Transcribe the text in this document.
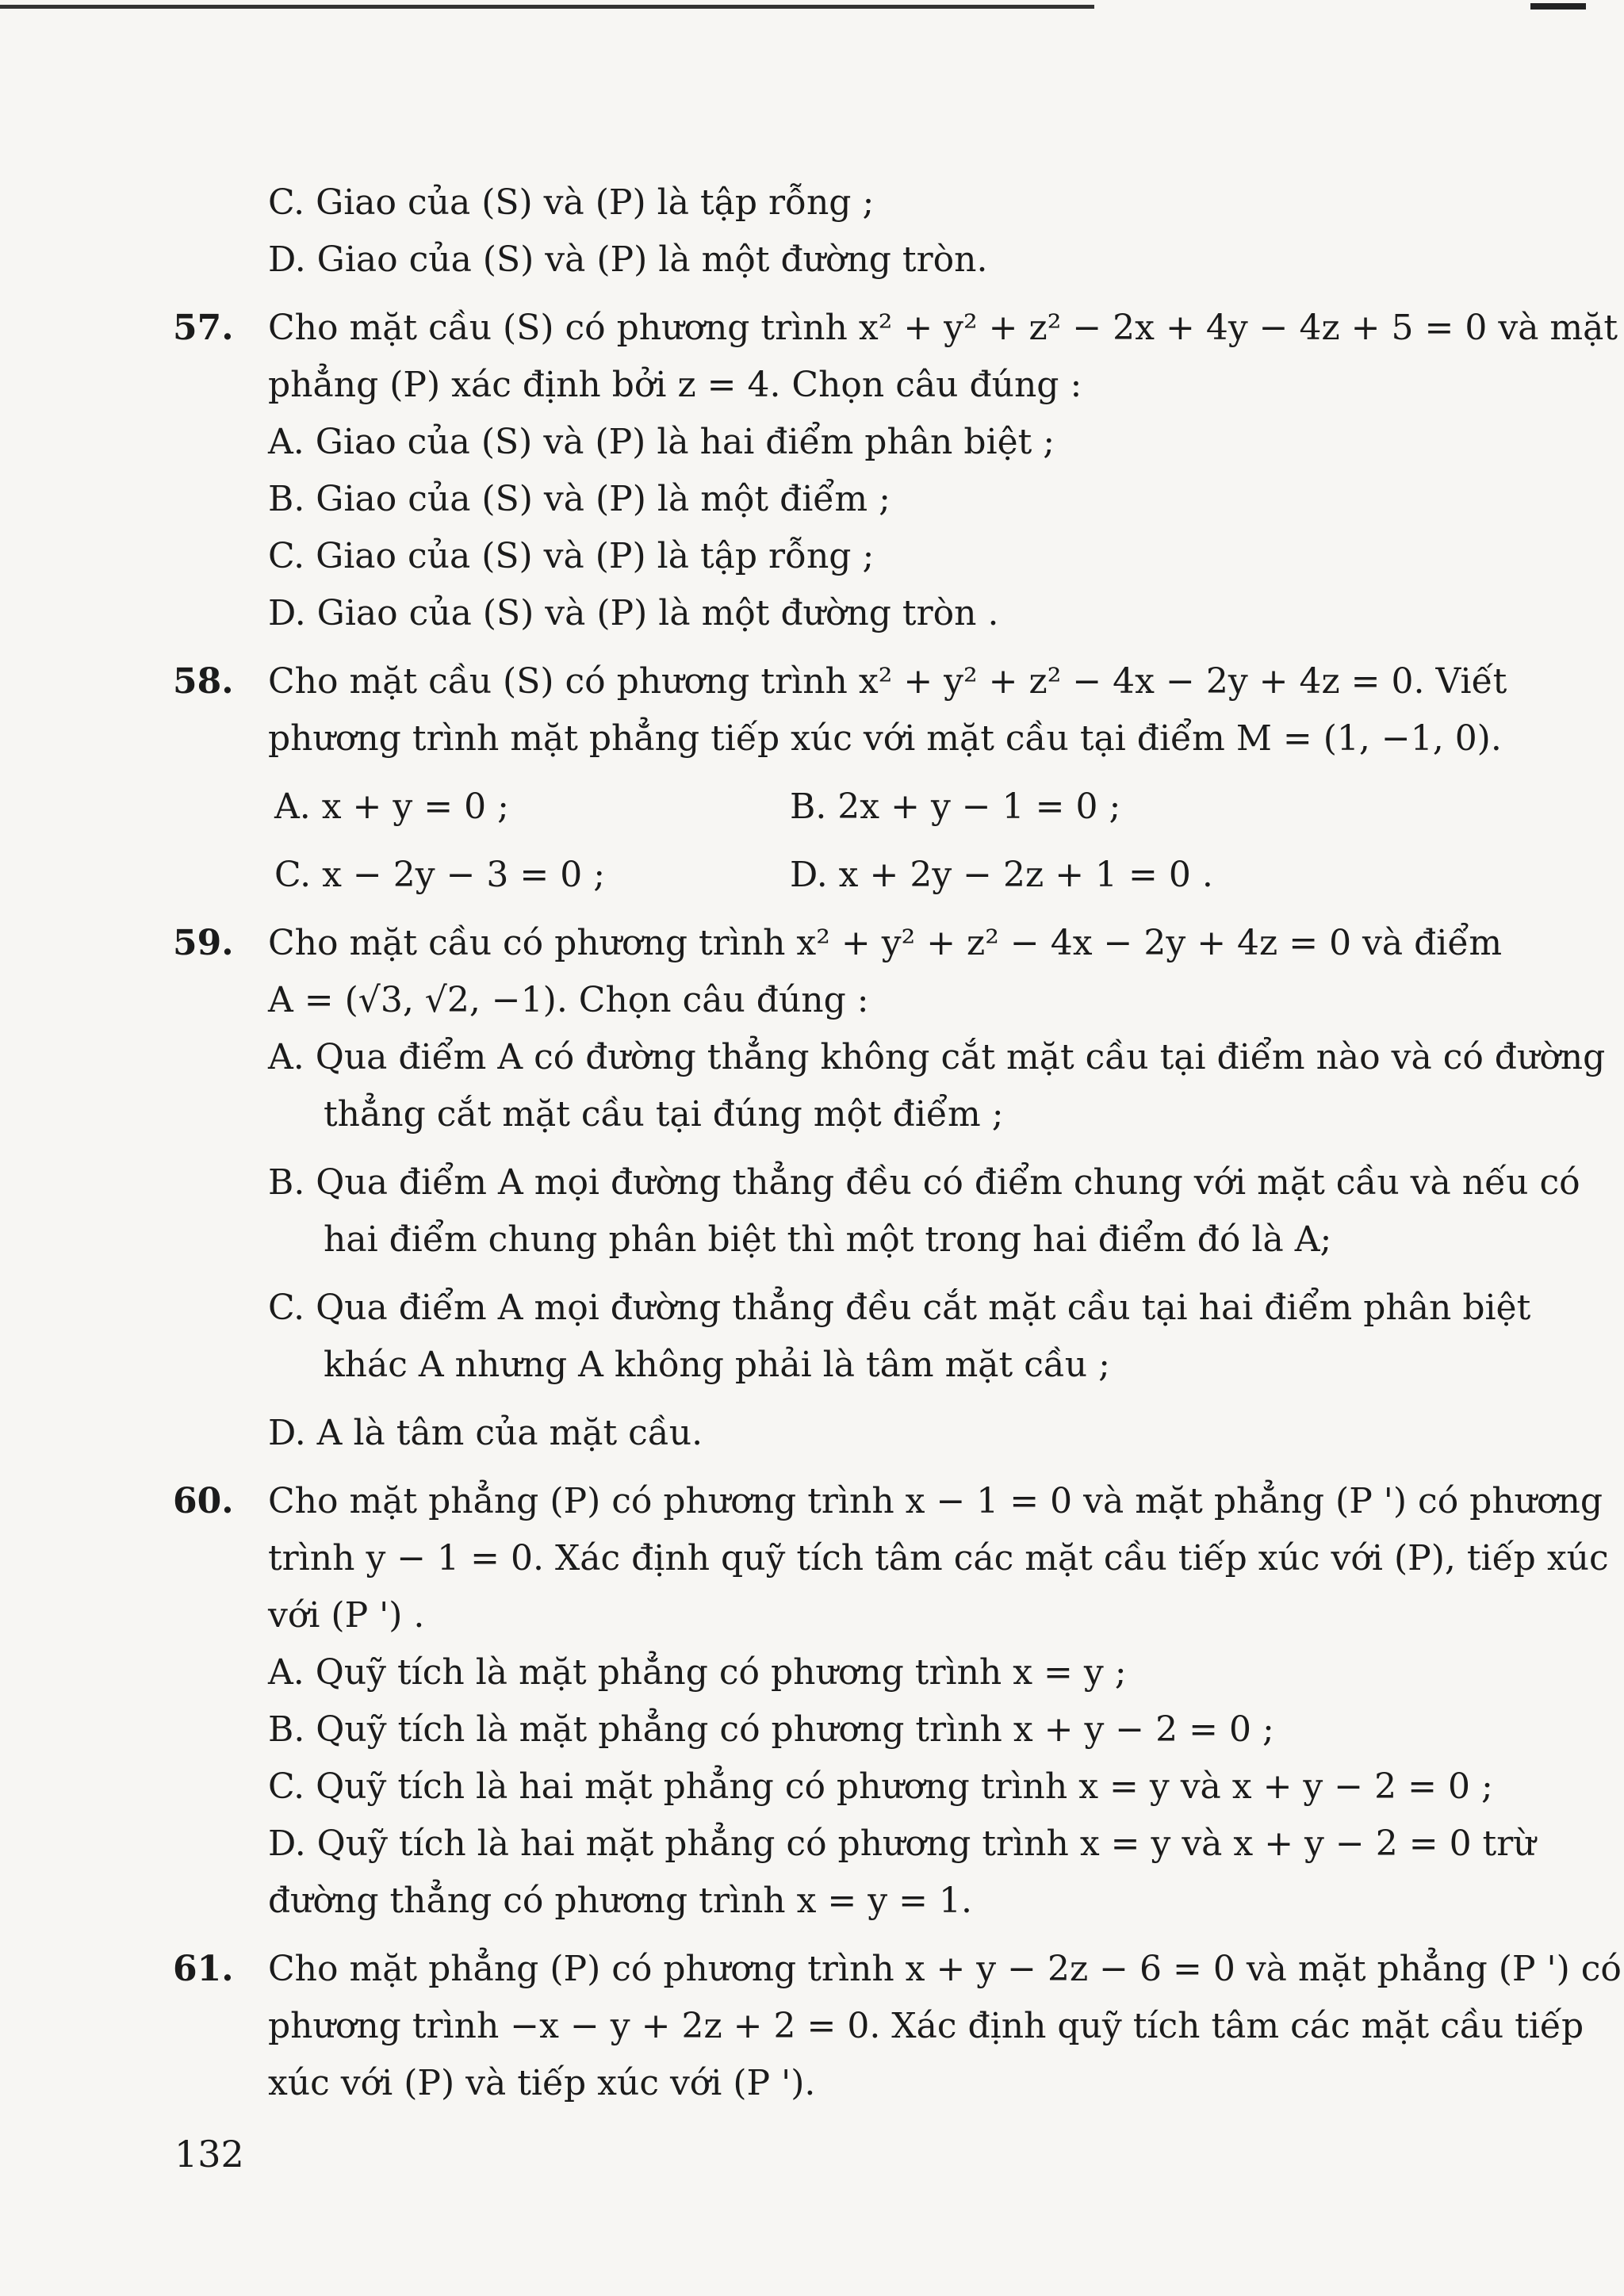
C. Giao của (S) và (P) là tập rỗng ;
D. Giao của (S) và (P) là một đường tròn.
57. Cho mặt cầu (S) có phương trình x² + y² + z² − 2x + 4y − 4z + 5 = 0 và mặt
phẳng (P) xác định bởi z = 4. Chọn câu đúng :
A. Giao của (S) và (P) là hai điểm phân biệt ;
B. Giao của (S) và (P) là một điểm ;
C. Giao của (S) và (P) là tập rỗng ;
D. Giao của (S) và (P) là một đường tròn .
58. Cho mặt cầu (S) có phương trình x² + y² + z² − 4x − 2y + 4z = 0. Viết
phương trình mặt phẳng tiếp xúc với mặt cầu tại điểm M = (1, −1, 0).
A. x + y = 0 ;	B. 2x + y − 1 = 0 ;
C. x − 2y − 3 = 0 ;	D. x + 2y − 2z + 1 = 0 .
59. Cho mặt cầu có phương trình x² + y² + z² − 4x − 2y + 4z = 0 và điểm
A = (√3, √2, −1). Chọn câu đúng :
A. Qua điểm A có đường thẳng không cắt mặt cầu tại điểm nào và có đường
thẳng cắt mặt cầu tại đúng một điểm ;
B. Qua điểm A mọi đường thẳng đều có điểm chung với mặt cầu và nếu có
hai điểm chung phân biệt thì một trong hai điểm đó là A;
C. Qua điểm A mọi đường thẳng đều cắt mặt cầu tại hai điểm phân biệt
khác A nhưng A không phải là tâm mặt cầu ;
D. A là tâm của mặt cầu.
60. Cho mặt phẳng (P) có phương trình x − 1 = 0 và mặt phẳng (P ') có phương
trình y − 1 = 0. Xác định quỹ tích tâm các mặt cầu tiếp xúc với (P), tiếp xúc
với (P ') .
A. Quỹ tích là mặt phẳng có phương trình x = y ;
B. Quỹ tích là mặt phẳng có phương trình x + y − 2 = 0 ;
C. Quỹ tích là hai mặt phẳng có phương trình x = y và x + y − 2 = 0 ;
D. Quỹ tích là hai mặt phẳng có phương trình x = y và x + y − 2 = 0 trừ
đường thẳng có phương trình x = y = 1.
61. Cho mặt phẳng (P) có phương trình x + y − 2z − 6 = 0 và mặt phẳng (P ') có
phương trình −x − y + 2z + 2 = 0. Xác định quỹ tích tâm các mặt cầu tiếp
xúc với (P) và tiếp xúc với (P ').
132
